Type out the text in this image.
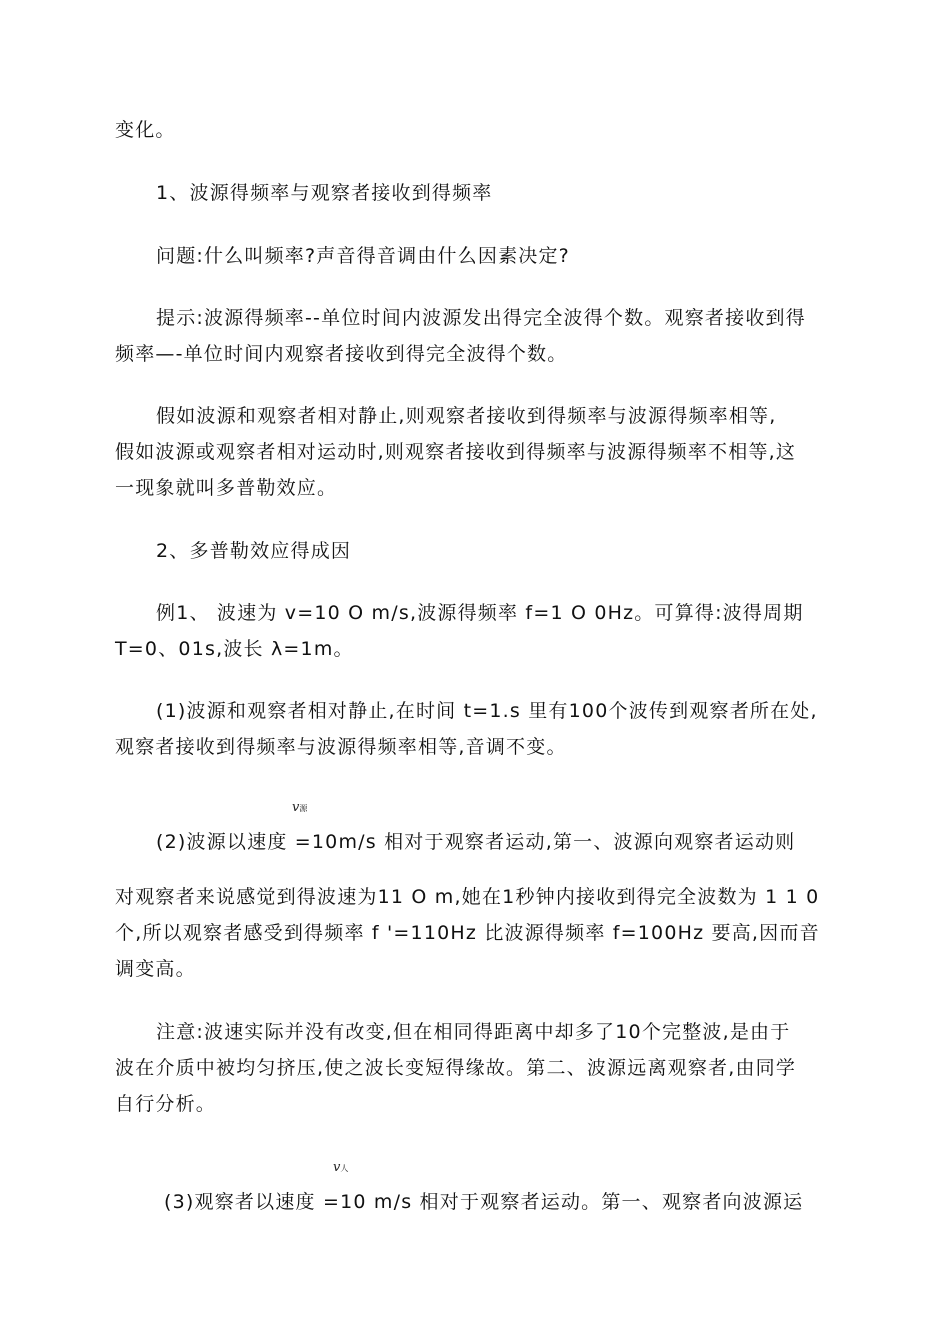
变化。
1、波源得频率与观察者接收到得频率
问题:什么叫频率?声音得音调由什么因素决定?
提示:波源得频率--单位时间内波源发出得完全波得个数。观察者接收到得
频率—-单位时间内观察者接收到得完全波得个数。
假如波源和观察者相对静止,则观察者接收到得频率与波源得频率相等,
假如波源或观察者相对运动时,则观察者接收到得频率与波源得频率不相等,这
一现象就叫多普勒效应。
2、多普勒效应得成因
例1、 波速为 v=10 O m/s,波源得频率 f=1 O 0Hz。可算得:波得周期
T=0、01s,波长 λ=1m。
(1)波源和观察者相对静止,在时间 t=1.s 里有100个波传到观察者所在处,
观察者接收到得频率与波源得频率相等,音调不变。
v源
(2)波源以速度 =10m/s 相对于观察者运动,第一、波源向观察者运动则
对观察者来说感觉到得波速为11 O m,她在1秒钟内接收到得完全波数为 1 1 0
个,所以观察者感受到得频率 f '=110Hz 比波源得频率 f=100Hz 要高,因而音
调变高。
注意:波速实际并没有改变,但在相同得距离中却多了10个完整波,是由于
波在介质中被均匀挤压,使之波长变短得缘故。第二、波源远离观察者,由同学
自行分析。
v人
(3)观察者以速度 =10 m/s 相对于观察者运动。第一、观察者向波源运
